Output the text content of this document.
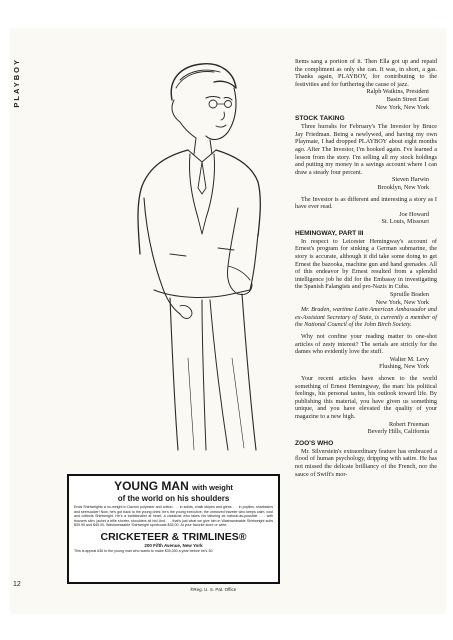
PLAYBOY
YOUNG MAN with weight
of the world on his shoulders
Ends Shirtweights a no-weight in Dacron polyester and cotton . . . in solids, chalk stripes and glens . . . in poplins, sharkskins and seersucker! Now, he's got back to the young ones: he's the young executive, the unmoved traveler who keeps calm, cool and collects Shirtweight. He's a traditionalist at heart, a classicist who takes his tailoring as natural-as-possible . . . with trousers slim, jacket a trifle shorter, shoulders all his! And . . . that's just what we give him in Washweasable Shirtweight suits $39.95 and $45.00. Washweasable Shirtweight sportcoats $35.00. At your favorite store or write:
CRICKETEER & TRIMLINES®
200 Fifth Avenue, New York
This is appeal #36 to the young man who wants to make $30,000 a year before he's 30.
®Reg. U. S. Pat. Office
12

Items sang a portion of it. Then Ella got up and repaid the compliment as only she can. It was, in short, a gas. Thanks again, PLAYBOY, for contributing to the festivities and for furthering the cause of jazz.

Ralph Watkins, President

Basin Street East

New York, New York

STOCK TAKING

Three hurrahs for February's The Investor by Bruce Jay Friedman. Being a newlywed, and having my own Playmate, I had dropped PLAYBOY about eight months ago. After The Investor, I'm hooked again. I've learned a lesson from the story. I'm selling all my stock holdings and putting my money in a savings account where I can draw a steady four percent.

Steven Harwin

Brooklyn, New York

The Investor is as different and interesting a story as I have ever read.

Joe Howard

St. Louis, Missouri

HEMINGWAY, PART III

In respect to Leicester Hemingway's account of Ernest's program for sinking a German submarine, the story is accurate, although it did take some doing to get Ernest the bazooka, machine gun and hand grenades. All of this endeavor by Ernest resulted from a splendid intelligence job he did for the Embassy in investigating the Spanish Falangists and pro-Nazis in Cuba.

Spruille Braden

New York, New York

Mr. Braden, wartime Latin American Ambassador and ex-Assistant Secretary of State, is currently a member of the National Council of the John Birch Society.

Why not confine your reading matter to one-shot articles of zesty interest? The serials are strictly for the dames who evidently love the stuff.

Walter M. Levy

Flushing, New York

Your recent articles have shown to the world something of Ernest Hemingway, the man: his political feelings, his personal tastes, his outlook toward life. By publishing this material, you have given us something unique, and you have elevated the quality of your magazine to a new high.

Robert Freeman

Beverly Hills, California

ZOO'S WHO

Mr. Silverstein's extraordinary feature has embraced a flood of human psychology, dripping with satire. He has not missed the delicate brilliancy of the French, nor the sauce of Swift's mor-
